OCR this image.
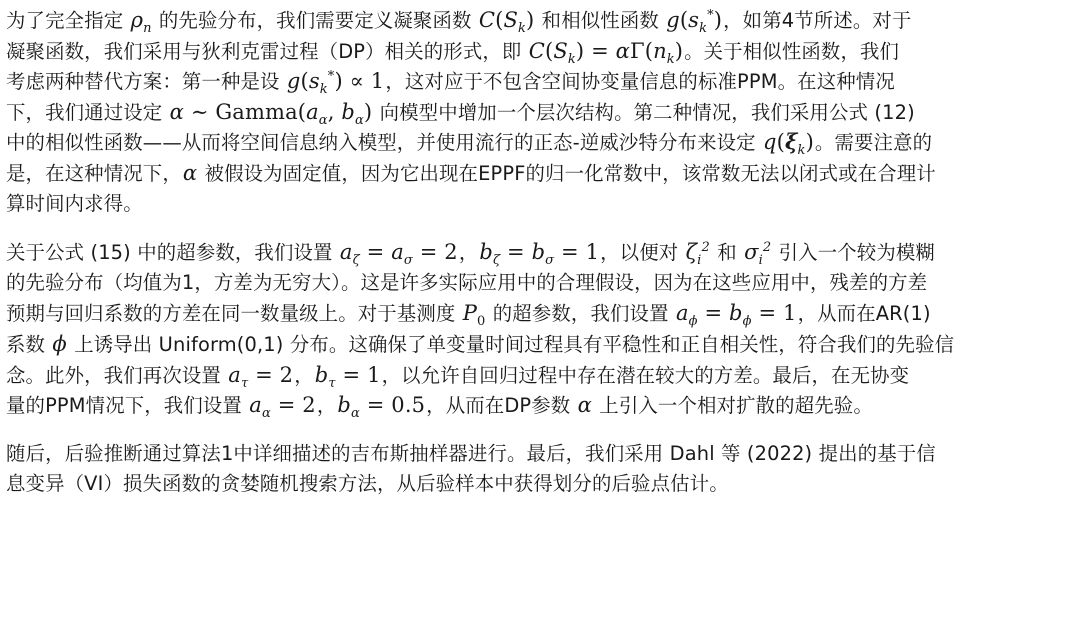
为了完全指定 $\rho_n$ 的先验分布，我们需要定义凝聚函数 $C(S_k)$ 和相似性函数 $g(s_k^*)$，如第4节所述。对于
凝聚函数，我们采用与狄利克雷过程（DP）相关的形式，即 $C(S_k) = \alpha\Gamma(n_k)$。关于相似性函数，我们
考虑两种替代方案：第一种是设 $g(s_k^*) \propto 1$，这对应于不包含空间协变量信息的标准PPM。在这种情况
下，我们通过设定 α ∼ $Gamma(a_\alpha$, $b_\alpha$) 向模型中增加一个层次结构。第二种情况，我们采用公式 (12)
中的相似性函数——从而将空间信息纳入模型，并使用流行的正态-逆威沙特分布来设定 $q(\xi_k)$。需要注意的
是，在这种情况下，α 被假设为固定值，因为它出现在EPPF的归一化常数中，该常数无法以闭式或在合理计
算时间内求得。

关于公式 (15) 中的超参数，我们设置 $a_\zeta = a_\sigma = 2$，$b_\zeta = b_\sigma = 1$，以便对 $\zeta_i^2$ 和 $\sigma_i^2$ 引入一个较为模糊
的先验分布（均值为1，方差为无穷大）。这是许多实际应用中的合理假设，因为在这些应用中，残差的方差
预期与回归系数的方差在同一数量级上。对于基测度 $P_0$ 的超参数，我们设置 $a_\phi = b_\phi = 1$，从而在AR(1)
系数 ϕ 上诱导出 Uniform(0,1) 分布。这确保了单变量时间过程具有平稳性和正自相关性，符合我们的先验信
念。此外，我们再次设置 $a_\tau = 2$，$b_\tau = 1$，以允许自回归过程中存在潜在较大的方差。最后，在无协变
量的PPM情况下，我们设置 $a_\alpha = 2$，$b_\alpha = 0.5$，从而在DP参数 α 上引入一个相对扩散的超先验。

随后，后验推断通过算法1中详细描述的吉布斯抽样器进行。最后，我们采用 Dahl 等 (2022) 提出的基于信
息变异（VI）损失函数的贪婪随机搜索方法，从后验样本中获得划分的后验点估计。
